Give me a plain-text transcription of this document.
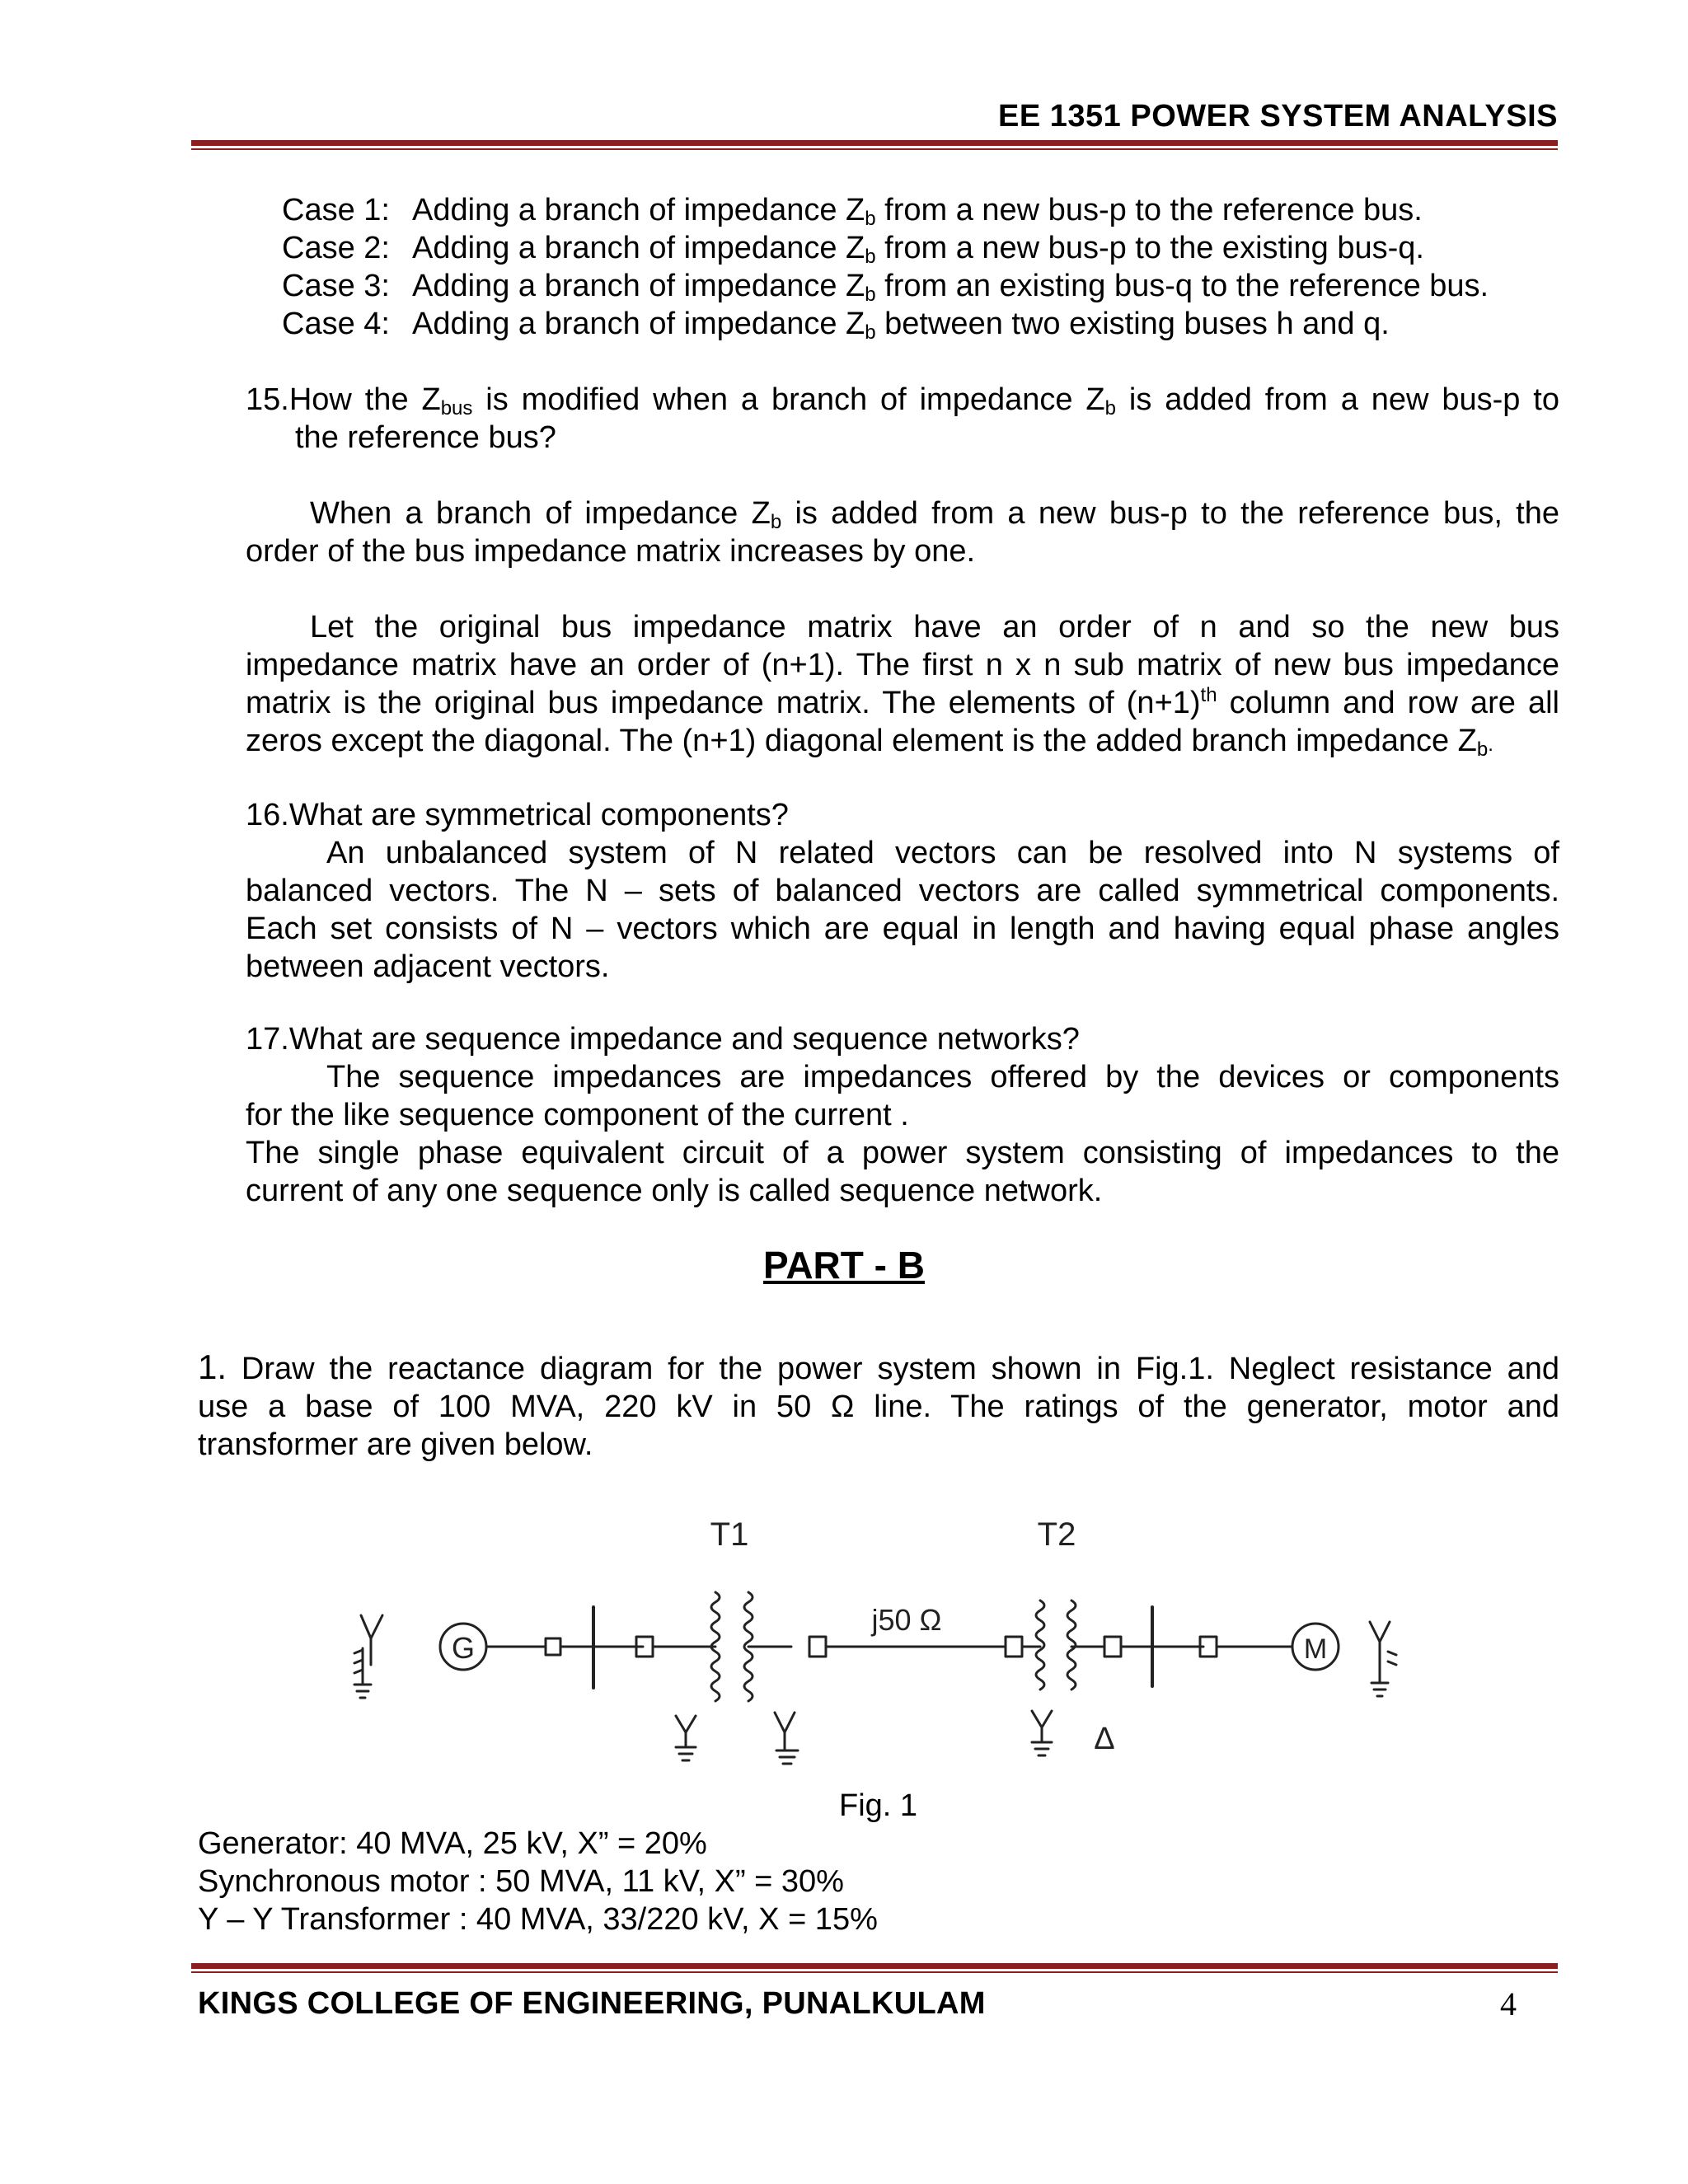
EE 1351 POWER SYSTEM ANALYSIS
Case 1: Adding a branch of impedance $Z_b$ from a new bus-p to the reference bus.
Case 2: Adding a branch of impedance $Z_b$ from a new bus-p to the existing bus-q.
Case 3: Adding a branch of impedance $Z_b$ from an existing bus-q to the reference bus.
Case 4: Adding a branch of impedance $Z_b$ between two existing buses h and q.
15.How the $Z_{bus}$ is modified when a branch of impedance $Z_b$ is added from a new bus-p to
the reference bus?
When a branch of impedance $Z_b$ is added from a new bus-p to the reference bus, the
order of the bus impedance matrix increases by one.
Let the original bus impedance matrix have an order of n and so the new bus
impedance matrix have an order of (n+1). The first n x n sub matrix of new bus impedance
matrix is the original bus impedance matrix. The elements of $(n+1)^{th}$ column and row are all
zeros except the diagonal. The (n+1) diagonal element is the added branch impedance $Z_b$.
16.What are symmetrical components?
An unbalanced system of N related vectors can be resolved into N systems of
balanced vectors. The N – sets of balanced vectors are called symmetrical components.
Each set consists of N – vectors which are equal in length and having equal phase angles
between adjacent vectors.
17.What are sequence impedance and sequence networks?
The sequence impedances are impedances offered by the devices or components
for the like sequence component of the current .
The single phase equivalent circuit of a power system consisting of impedances to the
current of any one sequence only is called sequence network.
PART - B
1. Draw the reactance diagram for the power system shown in Fig.1. Neglect resistance and
use a base of 100 MVA, 220 kV in 50 Ω line. The ratings of the generator, motor and
transformer are given below.
G
T1
j50 Ω
T2
Δ
M
Fig. 1
Generator: 40 MVA, 25 kV, X” = 20%
Synchronous motor : 50 MVA, 11 kV, X” = 30%
Y – Y Transformer : 40 MVA, 33/220 kV, X = 15%
KINGS COLLEGE OF ENGINEERING, PUNALKULAM	4
